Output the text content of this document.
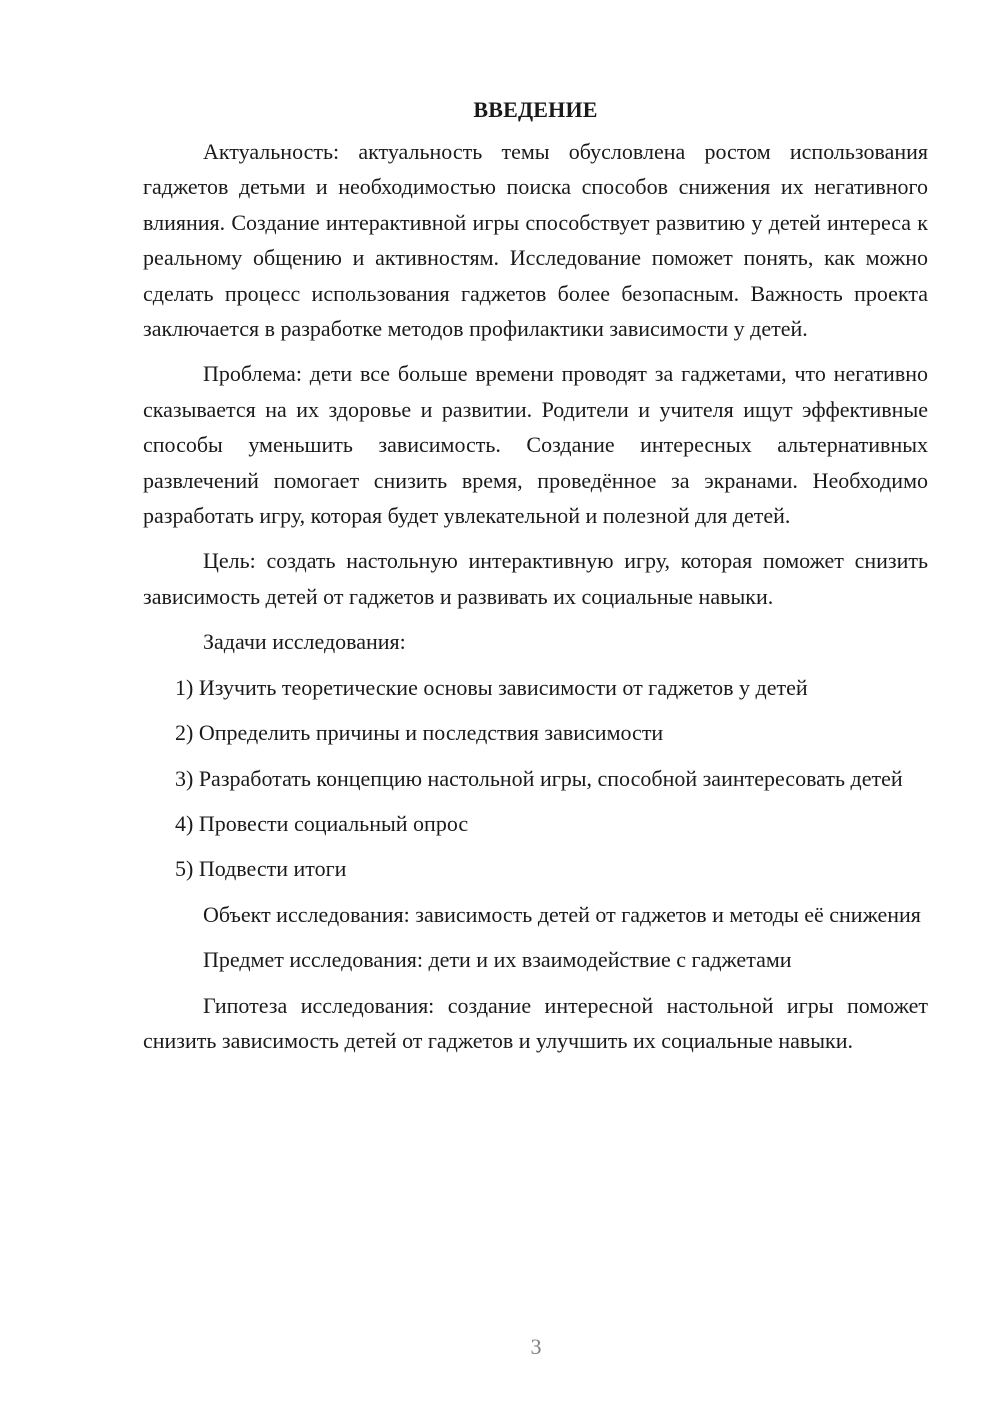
ВВЕДЕНИЕ

Актуальность: актуальность темы обусловлена ростом использования гаджетов детьми и необходимостью поиска способов снижения их негативного влияния. Создание интерактивной игры способствует развитию у детей интереса к реальному общению и активностям. Исследование поможет понять, как можно сделать процесс использования гаджетов более безопасным. Важность проекта заключается в разработке методов профилактики зависимости у детей.

Проблема: дети все больше времени проводят за гаджетами, что негативно сказывается на их здоровье и развитии. Родители и учителя ищут эффективные способы уменьшить зависимость. Создание интересных альтернативных развлечений помогает снизить время, проведённое за экранами. Необходимо разработать игру, которая будет увлекательной и полезной для детей.

Цель: создать настольную интерактивную игру, которая поможет снизить зависимость детей от гаджетов и развивать их социальные навыки.

Задачи исследования:

1) Изучить теоретические основы зависимости от гаджетов у детей

2) Определить причины и последствия зависимости

3) Разработать концепцию настольной игры, способной заинтересовать детей

4) Провести социальный опрос

5) Подвести итоги

Объект исследования: зависимость детей от гаджетов и методы её снижения

Предмет исследования: дети и их взаимодействие с гаджетами

Гипотеза исследования: создание интересной настольной игры поможет снизить зависимость детей от гаджетов и улучшить их социальные навыки.

3
